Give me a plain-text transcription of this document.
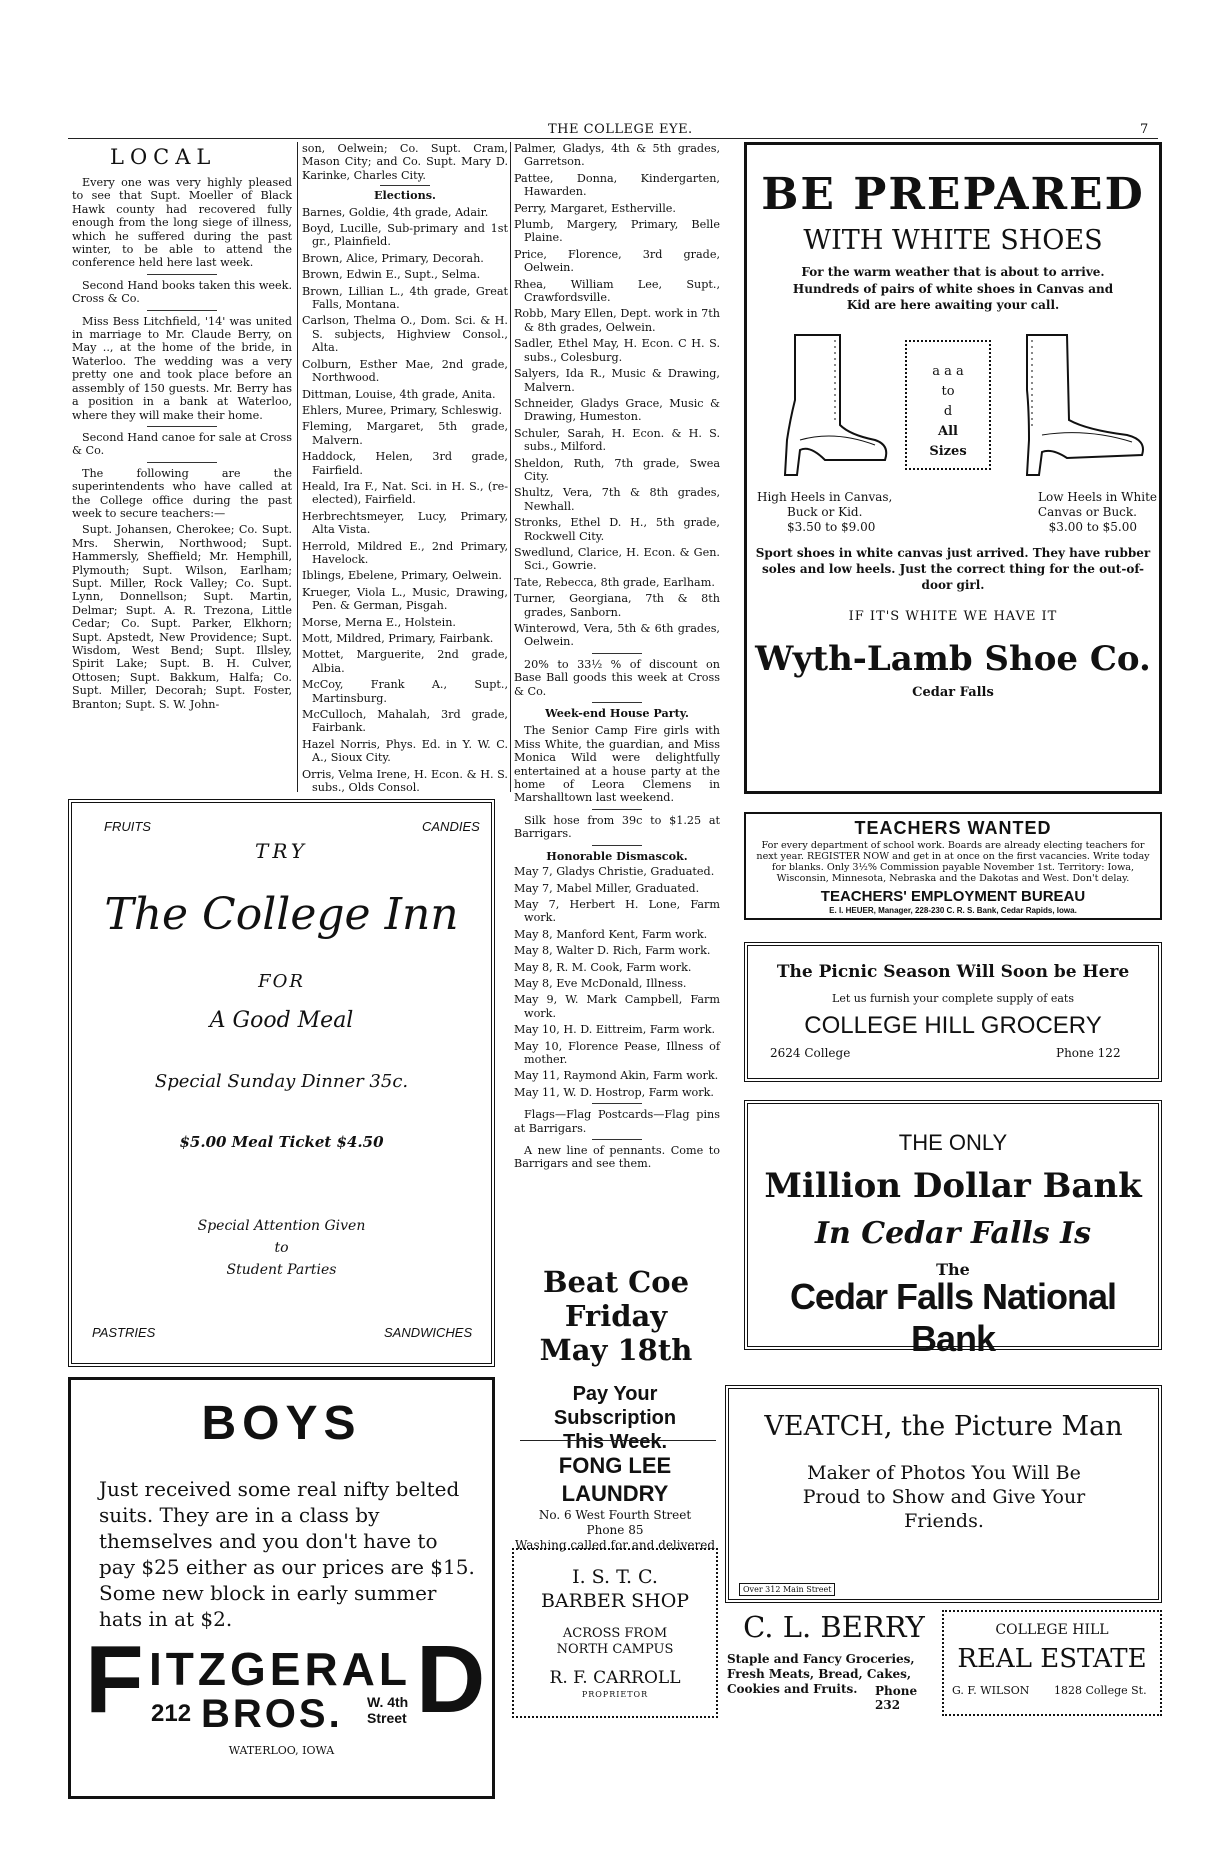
THE COLLEGE EYE.	7
LOCAL

Every one was very highly pleased to see that Supt. Moeller of Black Hawk county had recovered fully enough from the long siege of illness, which he suffered during the past winter, to be able to attend the conference held here last week.

Second Hand books taken this week. Cross & Co.

Miss Bess Litchfield, '14' was united in marriage to Mr. Claude Berry, on May .., at the home of the bride, in Waterloo. The wedding was a very pretty one and took place before an assembly of 150 guests. Mr. Berry has a position in a bank at Waterloo, where they will make their home.

Second Hand canoe for sale at Cross & Co.

The following are the superintendents who have called at the College office during the past week to secure teachers:—

Supt. Johansen, Cherokee; Co. Supt. Mrs. Sherwin, Northwood; Supt. Hammersly, Sheffield; Mr. Hemphill, Plymouth; Supt. Wilson, Earlham; Supt. Miller, Rock Valley; Co. Supt. Lynn, Donnellson; Supt. Martin, Delmar; Supt. A. R. Trezona, Little Cedar; Co. Supt. Parker, Elkhorn; Supt. Apstedt, New Providence; Supt. Wisdom, West Bend; Supt. Illsley, Spirit Lake; Supt. B. H. Culver, Ottosen; Supt. Bakkum, Halfa; Co. Supt. Miller, Decorah; Supt. Foster, Branton; Supt. S. W. John-

son, Oelwein; Co. Supt. Cram, Mason City; and Co. Supt. Mary D. Karinke, Charles City.

Elections.

Barnes, Goldie, 4th grade, Adair.

Boyd, Lucille, Sub-primary and 1st gr., Plainfield.

Brown, Alice, Primary, Decorah.

Brown, Edwin E., Supt., Selma.

Brown, Lillian L., 4th grade, Great Falls, Montana.

Carlson, Thelma O., Dom. Sci. & H. S. subjects, Highview Consol., Alta.

Colburn, Esther Mae, 2nd grade, Northwood.

Dittman, Louise, 4th grade, Anita.

Ehlers, Muree, Primary, Schleswig.

Fleming, Margaret, 5th grade, Malvern.

Haddock, Helen, 3rd grade, Fairfield.

Heald, Ira F., Nat. Sci. in H. S., (re-elected), Fairfield.

Herbrechtsmeyer, Lucy, Primary, Alta Vista.

Herrold, Mildred E., 2nd Primary, Havelock.

Iblings, Ebelene, Primary, Oelwein.

Krueger, Viola L., Music, Drawing, Pen. & German, Pisgah.

Morse, Merna E., Holstein.

Mott, Mildred, Primary, Fairbank.

Mottet, Marguerite, 2nd grade, Albia.

McCoy, Frank A., Supt., Martinsburg.

McCulloch, Mahalah, 3rd grade, Fairbank.

Hazel Norris, Phys. Ed. in Y. W. C. A., Sioux City.

Orris, Velma Irene, H. Econ. & H. S. subs., Olds Consol.

Palmer, Gladys, 4th & 5th grades, Garretson.

Pattee, Donna, Kindergarten, Hawarden.

Perry, Margaret, Estherville.

Plumb, Margery, Primary, Belle Plaine.

Price, Florence, 3rd grade, Oelwein.

Rhea, William Lee, Supt., Crawfordsville.

Robb, Mary Ellen, Dept. work in 7th & 8th grades, Oelwein.

Sadler, Ethel May, H. Econ. C H. S. subs., Colesburg.

Salyers, Ida R., Music & Drawing, Malvern.

Schneider, Gladys Grace, Music & Drawing, Humeston.

Schuler, Sarah, H. Econ. & H. S. subs., Milford.

Sheldon, Ruth, 7th grade, Swea City.

Shultz, Vera, 7th & 8th grades, Newhall.

Stronks, Ethel D. H., 5th grade, Rockwell City.

Swedlund, Clarice, H. Econ. & Gen. Sci., Gowrie.

Tate, Rebecca, 8th grade, Earlham.

Turner, Georgiana, 7th & 8th grades, Sanborn.

Winterowd, Vera, 5th & 6th grades, Oelwein.

20% to 33½ % of discount on Base Ball goods this week at Cross & Co.

Week-end House Party.

The Senior Camp Fire girls with Miss White, the guardian, and Miss Monica Wild were delightfully entertained at a house party at the home of Leora Clemens in Marshalltown last weekend.

Silk hose from 39c to $1.25 at Barrigars.

Honorable Dismascok.

May 7, Gladys Christie, Graduated.

May 7, Mabel Miller, Graduated.

May 7, Herbert H. Lone, Farm work.

May 8, Manford Kent, Farm work.

May 8, Walter D. Rich, Farm work.

May 8, R. M. Cook, Farm work.

May 8, Eve McDonald, Illness.

May 9, W. Mark Campbell, Farm work.

May 10, H. D. Eittreim, Farm work.

May 10, Florence Pease, Illness of mother.

May 11, Raymond Akin, Farm work.

May 11, W. D. Hostrop, Farm work.

Flags—Flag Postcards—Flag pins at Barrigars.

A new line of pennants. Come to Barrigars and see them.

BE PREPARED
WITH WHITE SHOES
For the warm weather that is about to arrive.
Hundreds of pairs of white shoes in Canvas and Kid are here awaiting your call.
a a a
to
d
All
Sizes
High Heels in Canvas,
Buck or Kid.
$3.50 to $9.00
Low Heels in White
Canvas or Buck.
$3.00 to $5.00
Sport shoes in white canvas just arrived. They have rubber soles and low heels. Just the correct thing for the out-of-door girl.
IF IT'S WHITE WE HAVE IT
Wyth-Lamb Shoe Co.
Cedar Falls
FRUITS	CANDIES
TRY
The College Inn
FOR
A Good Meal
Special Sunday Dinner 35c.
$5.00 Meal Ticket $4.50
Special Attention Given
to
Student Parties
PASTRIES	SANDWICHES
TEACHERS WANTED
For every department of school work. Boards are already electing teachers for next year. REGISTER NOW and get in at once on the first vacancies. Write today for blanks. Only 3½% Commission payable November 1st. Territory: Iowa, Wisconsin, Minnesota, Nebraska and the Dakotas and West. Don't delay.
TEACHERS' EMPLOYMENT BUREAU
E. I. HEUER, Manager, 228-230 C. R. S. Bank, Cedar Rapids, Iowa.
The Picnic Season Will Soon be Here
Let us furnish your complete supply of eats
COLLEGE HILL GROCERY
2624 College	Phone 122
THE ONLY
Million Dollar Bank
In Cedar Falls Is
The
Cedar Falls National Bank
Beat Coe
Friday
May 18th
BOYS
Just received some real nifty belted suits. They are in a class by themselves and you don't have to pay $25 either as our prices are $15.
Some new block in early summer hats in at $2.
F ITZGERAL D
212 BROS. W. 4th
Street
WATERLOO, IOWA
Pay Your Subscription
This Week.
FONG LEE LAUNDRY
No. 6 West Fourth Street
Phone 85
Washing called for and delivered
I. S. T. C.
BARBER SHOP
ACROSS FROM
NORTH CAMPUS
R. F. CARROLL
PROPRIETOR
VEATCH, the Picture Man
Maker of Photos You Will Be Proud to Show and Give Your Friends.
Over 312 Main Street
C. L. BERRY
Staple and Fancy Groceries, Fresh Meats, Bread, Cakes, Cookies and Fruits.	Phone 232
COLLEGE HILL
REAL ESTATE
G. F. WILSON 1828 College St.
